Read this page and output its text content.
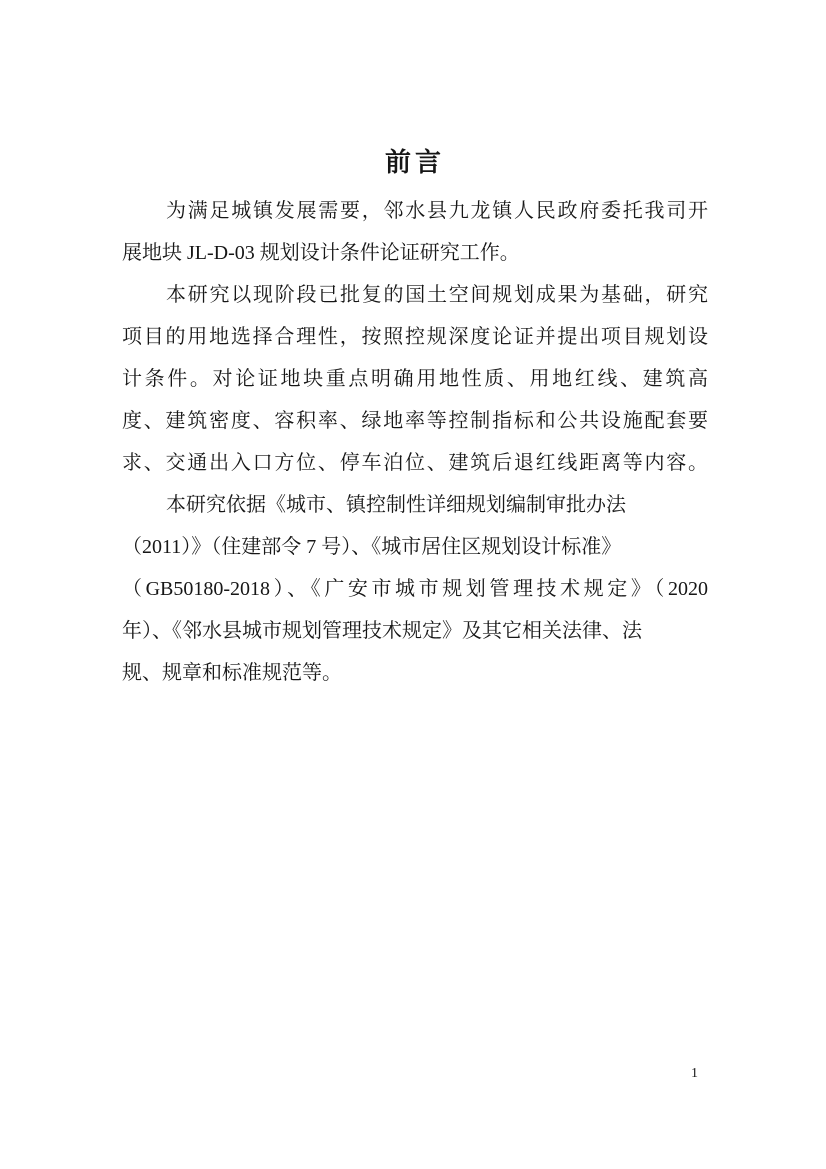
前言
为满足城镇发展需要，邻水县九龙镇人民政府委托我司开
展地块 JL-D-03 规划设计条件论证研究工作。
本研究以现阶段已批复的国土空间规划成果为基础，研究
项目的用地选择合理性，按照控规深度论证并提出项目规划设
计条件。对论证地块重点明确用地性质、用地红线、建筑高
度、建筑密度、容积率、绿地率等控制指标和公共设施配套要
求、交通出入口方位、停车泊位、建筑后退红线距离等内容。
本研究依据《城市、镇控制性详细规划编制审批办法
（2011）》（住建部令 7 号）、《城市居住区规划设计标准》
（GB50180-2018）、《广安市城市规划管理技术规定》（2020
年）、《邻水县城市规划管理技术规定》及其它相关法律、法
规、规章和标准规范等。
1
